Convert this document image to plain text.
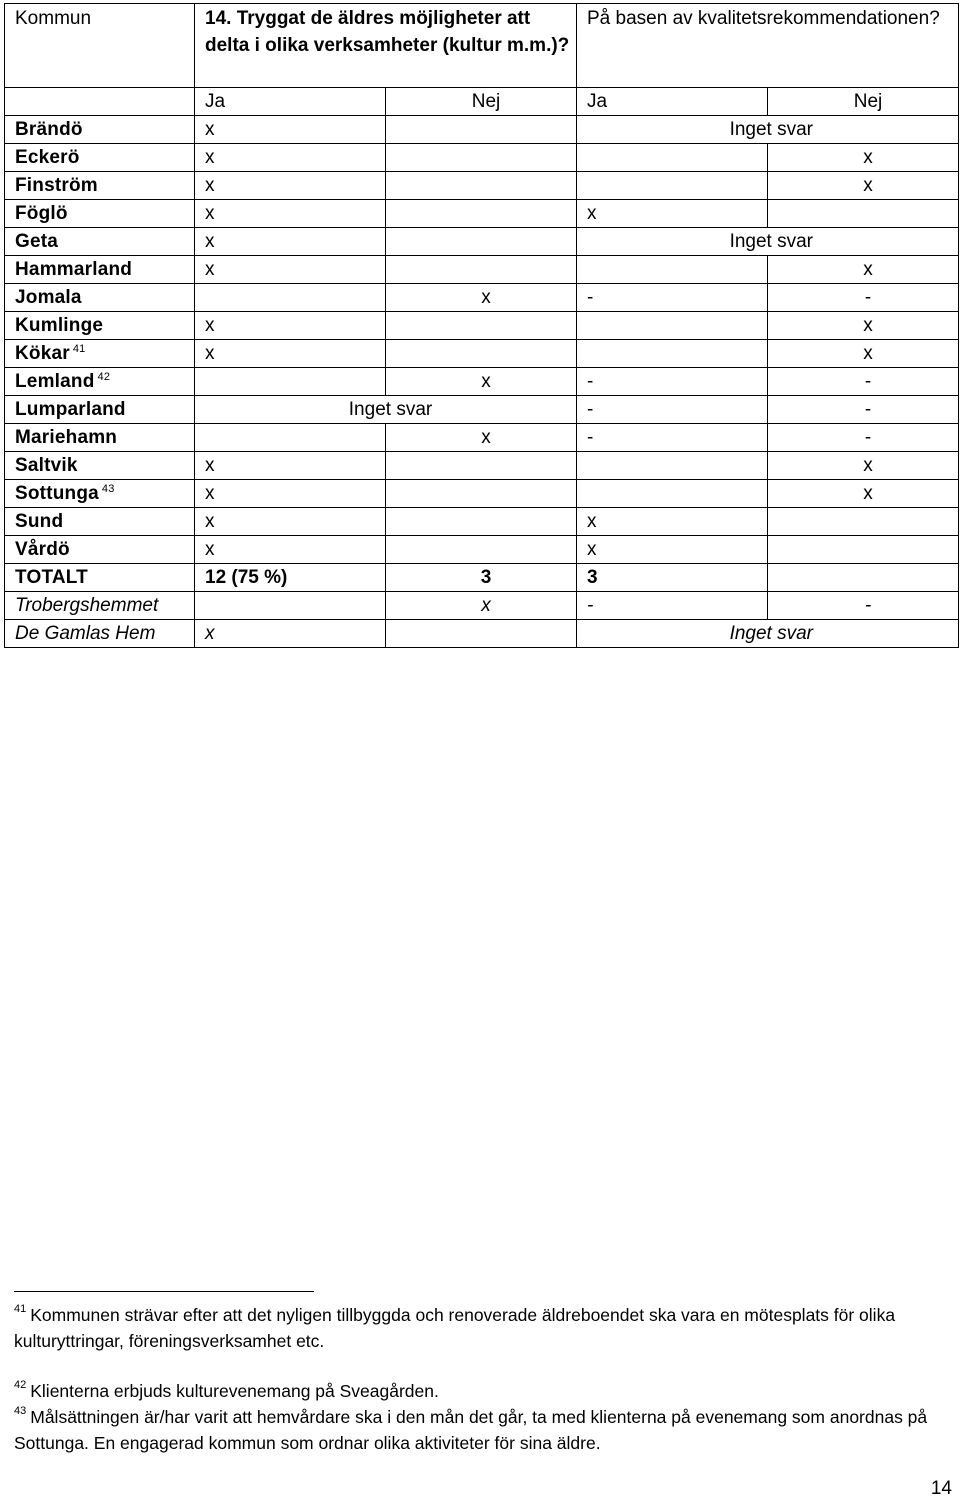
Kommun	14. Tryggat de äldres möjligheter att delta i olika verksamheter (kultur m.m.)?		På basen av kvalitetsrekommendationen?	
	Ja	Nej	Ja	Nej
Brändö	x		Inget svar	
Eckerö	x			x
Finström	x			x
Föglö	x		x	
Geta	x		Inget svar	
Hammarland	x			x
Jomala		x	-	-
Kumlinge	x			x
Kökar $^{41}$	x			x
Lemland $^{42}$		x	-	-
Lumparland	Inget svar		-	-
Mariehamn		x	-	-
Saltvik	x			x
Sottunga $^{43}$	x			x
Sund	x		x	
Vårdö	x		x	
TOTALT	12 (75 %)	3	3	
Trobergshemmet		x	-	-
De Gamlas Hem	x		Inget svar	
$^{41}$ Kommunen strävar efter att det nyligen tillbyggda och renoverade äldreboendet ska vara en mötesplats för olika kulturyttringar, föreningsverksamhet etc.
$^{42}$ Klienterna erbjuds kulturevenemang på Sveagården.
$^{43}$ Målsättningen är/har varit att hemvårdare ska i den mån det går, ta med klienterna på evenemang som anordnas på Sottunga. En engagerad kommun som ordnar olika aktiviteter för sina äldre.
14
